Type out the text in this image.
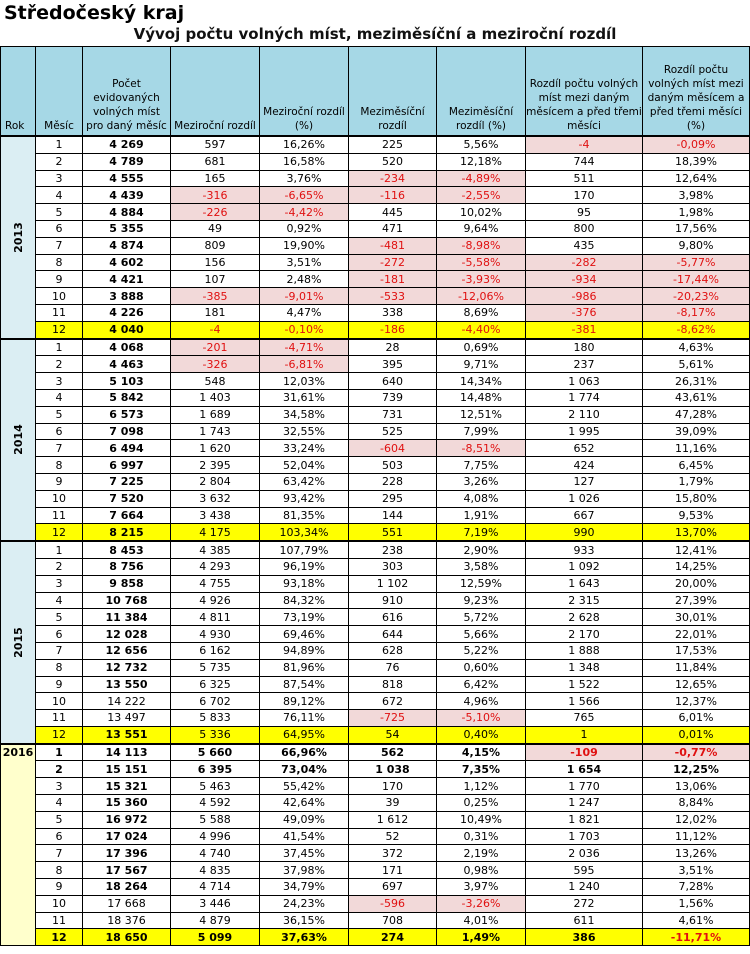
Středočeský kraj
Vývoj počtu volných míst, meziměsíční a meziroční rozdíl
Rok	Měsíc	Počet evidovaných volných míst pro daný měsíc	Meziroční rozdíl	Meziroční rozdíl (%)	Meziměsíční rozdíl	Meziměsíční rozdíl (%)	Rozdíl počtu volných míst mezi daným měsícem a před třemi měsíci	Rozdíl počtu volných míst mezi daným měsícem a před třemi měsíci (%)
2013	1	4 269	597	16,26%	225	5,56%	-4	-0,09%
	2	4 789	681	16,58%	520	12,18%	744	18,39%
	3	4 555	165	3,76%	-234	-4,89%	511	12,64%
	4	4 439	-316	-6,65%	-116	-2,55%	170	3,98%
	5	4 884	-226	-4,42%	445	10,02%	95	1,98%
	6	5 355	49	0,92%	471	9,64%	800	17,56%
	7	4 874	809	19,90%	-481	-8,98%	435	9,80%
	8	4 602	156	3,51%	-272	-5,58%	-282	-5,77%
	9	4 421	107	2,48%	-181	-3,93%	-934	-17,44%
	10	3 888	-385	-9,01%	-533	-12,06%	-986	-20,23%
	11	4 226	181	4,47%	338	8,69%	-376	-8,17%
	12	4 040	-4	-0,10%	-186	-4,40%	-381	-8,62%
2014	1	4 068	-201	-4,71%	28	0,69%	180	4,63%
	2	4 463	-326	-6,81%	395	9,71%	237	5,61%
	3	5 103	548	12,03%	640	14,34%	1 063	26,31%
	4	5 842	1 403	31,61%	739	14,48%	1 774	43,61%
	5	6 573	1 689	34,58%	731	12,51%	2 110	47,28%
	6	7 098	1 743	32,55%	525	7,99%	1 995	39,09%
	7	6 494	1 620	33,24%	-604	-8,51%	652	11,16%
	8	6 997	2 395	52,04%	503	7,75%	424	6,45%
	9	7 225	2 804	63,42%	228	3,26%	127	1,79%
	10	7 520	3 632	93,42%	295	4,08%	1 026	15,80%
	11	7 664	3 438	81,35%	144	1,91%	667	9,53%
	12	8 215	4 175	103,34%	551	7,19%	990	13,70%
2015	1	8 453	4 385	107,79%	238	2,90%	933	12,41%
	2	8 756	4 293	96,19%	303	3,58%	1 092	14,25%
	3	9 858	4 755	93,18%	1 102	12,59%	1 643	20,00%
	4	10 768	4 926	84,32%	910	9,23%	2 315	27,39%
	5	11 384	4 811	73,19%	616	5,72%	2 628	30,01%
	6	12 028	4 930	69,46%	644	5,66%	2 170	22,01%
	7	12 656	6 162	94,89%	628	5,22%	1 888	17,53%
	8	12 732	5 735	81,96%	76	0,60%	1 348	11,84%
	9	13 550	6 325	87,54%	818	6,42%	1 522	12,65%
	10	14 222	6 702	89,12%	672	4,96%	1 566	12,37%
	11	13 497	5 833	76,11%	-725	-5,10%	765	6,01%
	12	13 551	5 336	64,95%	54	0,40%	1	0,01%
2016	1	14 113	5 660	66,96%	562	4,15%	-109	-0,77%
	2	15 151	6 395	73,04%	1 038	7,35%	1 654	12,25%
	3	15 321	5 463	55,42%	170	1,12%	1 770	13,06%
	4	15 360	4 592	42,64%	39	0,25%	1 247	8,84%
	5	16 972	5 588	49,09%	1 612	10,49%	1 821	12,02%
	6	17 024	4 996	41,54%	52	0,31%	1 703	11,12%
	7	17 396	4 740	37,45%	372	2,19%	2 036	13,26%
	8	17 567	4 835	37,98%	171	0,98%	595	3,51%
	9	18 264	4 714	34,79%	697	3,97%	1 240	7,28%
	10	17 668	3 446	24,23%	-596	-3,26%	272	1,56%
	11	18 376	4 879	36,15%	708	4,01%	611	4,61%
	12	18 650	5 099	37,63%	274	1,49%	386	-11,71%
